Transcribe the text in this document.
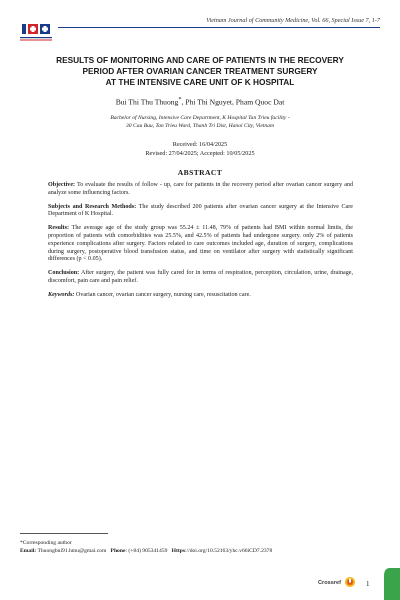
Vietnam Journal of Community Medicine, Vol. 66, Special Issue 7, 1-7
RESULTS OF MONITORING AND CARE OF PATIENTS IN THE RECOVERY
PERIOD AFTER OVARIAN CANCER TREATMENT SURGERY
AT THE INTENSIVE CARE UNIT OF K HOSPITAL
Bui Thi Thu Thuong*, Phi Thi Nguyet, Pham Quoc Dat
Bachelor of Nursing, Intensive Care Department, K Hospital Tan Trieu facility -
30 Cau Buu, Tan Trieu Ward, Thanh Tri Dist, Hanoi City, Vietnam
Received: 16/04/2025
Revised: 27/04/2025; Accepted: 10/05/2025
ABSTRACT

Objective: To evaluate the results of follow - up, care for patients in the recovery period after ovarian cancer surgery and analyze some influencing factors.

Subjects and Research Methods: The study described 200 patients after ovarian cancer surgery at the Intensive Care Department of K Hospital.

Results: The average age of the study group was 55.24 ± 11.48, 79% of patients had BMI within normal limits, the proportion of patients with comorbidities was 25.5%, and 42.5% of patients had undergone surgery. only 2% of patients experience complications after surgery. Factors related to care outcomes included age, duration of surgery, complications during surgery, postoperative blood transfusion status, and time on ventilator after surgery with statistically significant differences (p < 0.05).

Conclusion: After surgery, the patient was fully cared for in terms of respiration, perception, circulation, urine, drainage, discomfort, pain care and pain relief.

Keywords: Ovarian cancer, ovarian cancer surgery, nursing care, resuscitation care.

*Corresponding author
Email: Thuongbui91.hmu@gmai.com Phone: (+84) 905341459 Https://doi.org/10.52163/yhc.v66iCD7.2378
Crossref	1
